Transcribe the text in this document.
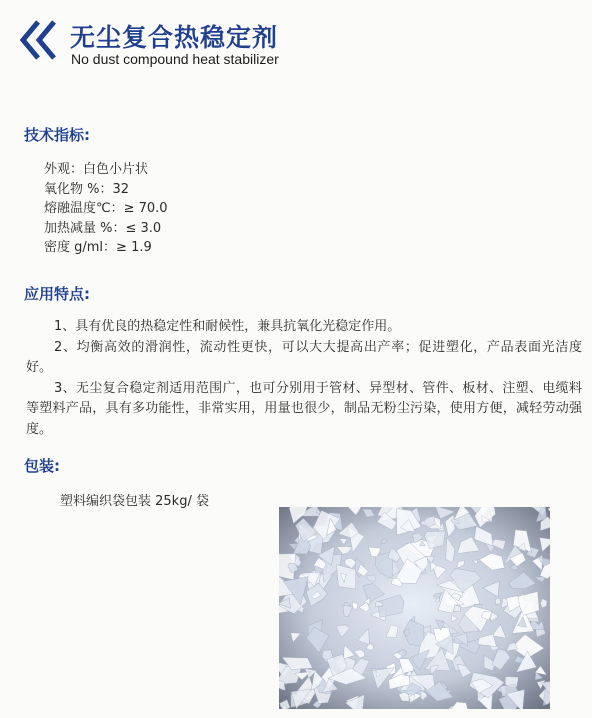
无尘复合热稳定剂
No dust compound heat stabilizer
技术指标:
外观：白色小片状
氧化物 %：32
熔融温度℃：≥ 70.0
加热减量 %：≤ 3.0
密度 g/ml：≥ 1.9
应用特点:

1、具有优良的热稳定性和耐候性，兼具抗氧化光稳定作用。

2、均衡高效的滑润性，流动性更快，可以大大提高出产率；促进塑化，产品表面光洁度好。

3、无尘复合稳定剂适用范围广，也可分别用于管材、异型材、管件、板材、注塑、电缆料等塑料产品，具有多功能性，非常实用，用量也很少，制品无粉尘污染，使用方便，减轻劳动强度。

包装:
塑料编织袋包装 25kg/ 袋
